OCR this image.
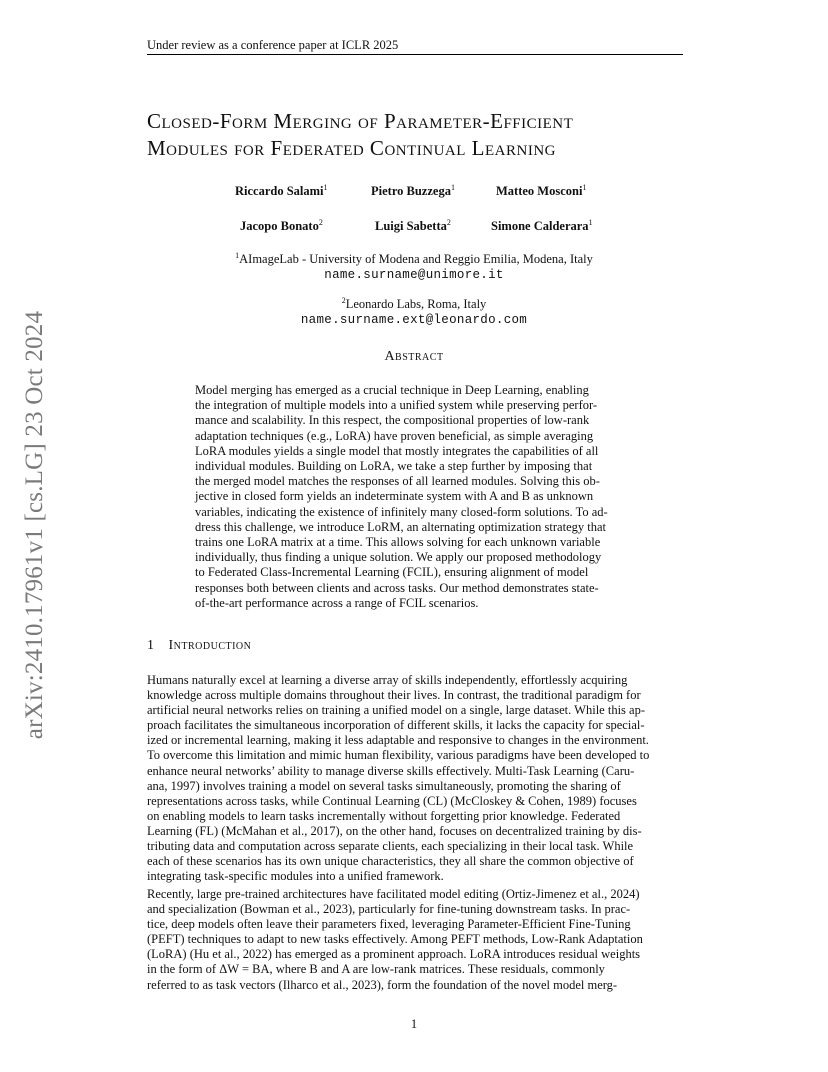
Under review as a conference paper at ICLR 2025
arXiv:2410.17961v1 [cs.LG] 23 Oct 2024
Closed-Form Merging of Parameter-Efficient
Modules for Federated Continual Learning
Riccardo Salami$^1$	Pietro Buzzega$^1$	Matteo Mosconi$^1$
Jacopo Bonato$^2$	Luigi Sabetta$^2$	Simone Calderara$^1$
$^1$AImageLab - University of Modena and Reggio Emilia, Modena, Italy
name.surname@unimore.it
$^2$Leonardo Labs, Roma, Italy
name.surname.ext@leonardo.com
Abstract
Model merging has emerged as a crucial technique in Deep Learning, enabling
the integration of multiple models into a unified system while preserving perfor-
mance and scalability. In this respect, the compositional properties of low-rank
adaptation techniques (e.g., LoRA) have proven beneficial, as simple averaging
LoRA modules yields a single model that mostly integrates the capabilities of all
individual modules. Building on LoRA, we take a step further by imposing that
the merged model matches the responses of all learned modules. Solving this ob-
jective in closed form yields an indeterminate system with A and B as unknown
variables, indicating the existence of infinitely many closed-form solutions. To ad-
dress this challenge, we introduce LoRM, an alternating optimization strategy that
trains one LoRA matrix at a time. This allows solving for each unknown variable
individually, thus finding a unique solution. We apply our proposed methodology
to Federated Class-Incremental Learning (FCIL), ensuring alignment of model
responses both between clients and across tasks. Our method demonstrates state-
of-the-art performance across a range of FCIL scenarios.
1 Introduction
Humans naturally excel at learning a diverse array of skills independently, effortlessly acquiring
knowledge across multiple domains throughout their lives. In contrast, the traditional paradigm for
artificial neural networks relies on training a unified model on a single, large dataset. While this ap-
proach facilitates the simultaneous incorporation of different skills, it lacks the capacity for special-
ized or incremental learning, making it less adaptable and responsive to changes in the environment.
To overcome this limitation and mimic human flexibility, various paradigms have been developed to
enhance neural networks’ ability to manage diverse skills effectively. Multi-Task Learning (Caru-
ana, 1997) involves training a model on several tasks simultaneously, promoting the sharing of
representations across tasks, while Continual Learning (CL) (McCloskey & Cohen, 1989) focuses
on enabling models to learn tasks incrementally without forgetting prior knowledge. Federated
Learning (FL) (McMahan et al., 2017), on the other hand, focuses on decentralized training by dis-
tributing data and computation across separate clients, each specializing in their local task. While
each of these scenarios has its own unique characteristics, they all share the common objective of
integrating task-specific modules into a unified framework.
Recently, large pre-trained architectures have facilitated model editing (Ortiz-Jimenez et al., 2024)
and specialization (Bowman et al., 2023), particularly for fine-tuning downstream tasks. In prac-
tice, deep models often leave their parameters fixed, leveraging Parameter-Efficient Fine-Tuning
(PEFT) techniques to adapt to new tasks effectively. Among PEFT methods, Low-Rank Adaptation
(LoRA) (Hu et al., 2022) has emerged as a prominent approach. LoRA introduces residual weights
in the form of ΔW = BA, where B and A are low-rank matrices. These residuals, commonly
referred to as task vectors (Ilharco et al., 2023), form the foundation of the novel model merg-
1
